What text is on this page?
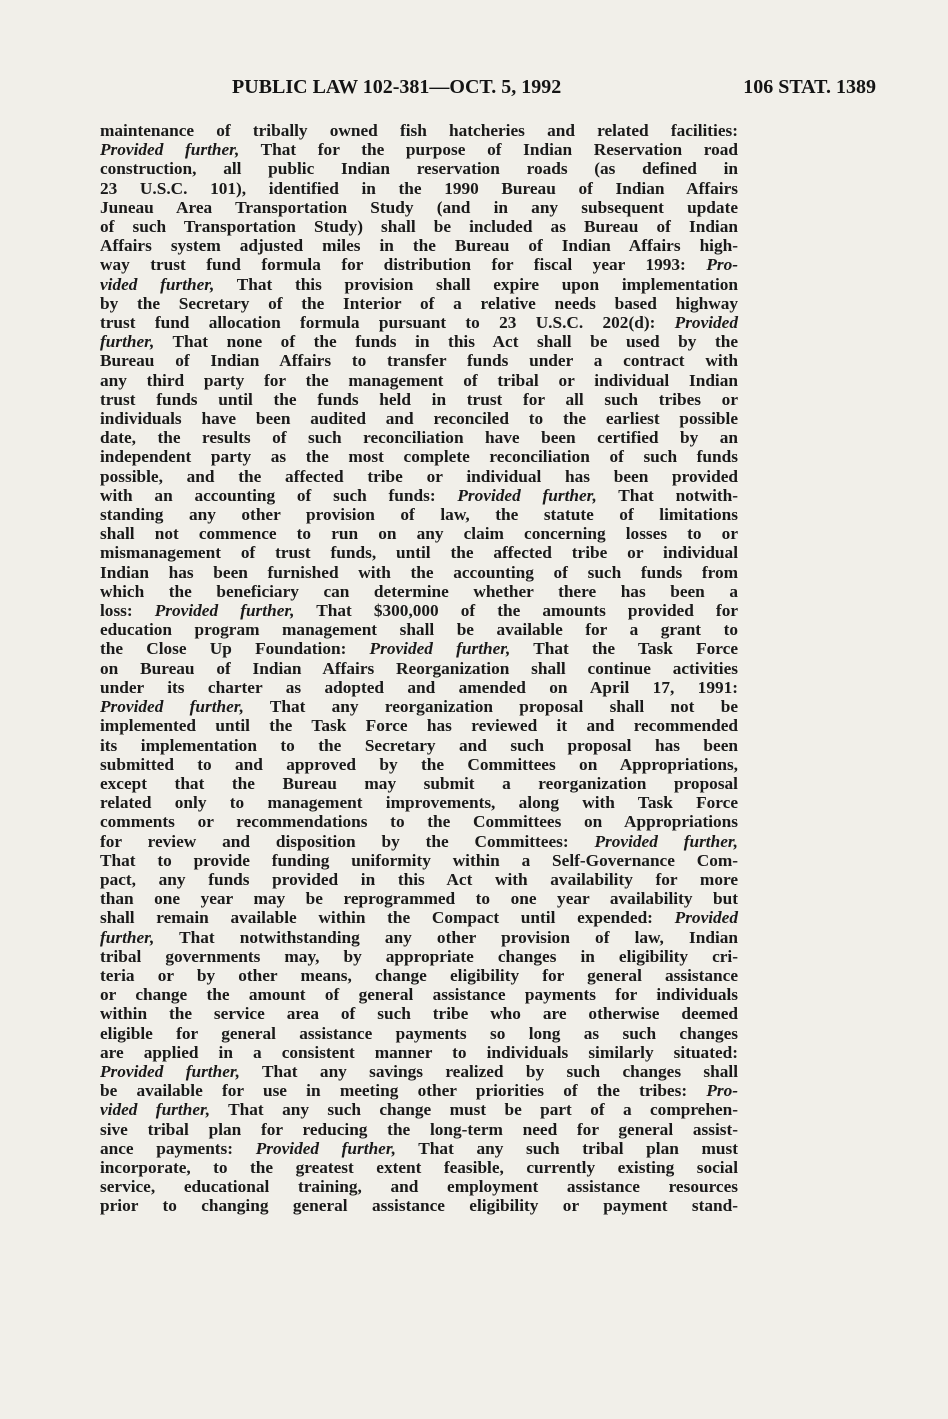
PUBLIC LAW 102-381—OCT. 5, 1992	106 STAT. 1389
maintenance of tribally owned fish hatcheries and related facilities:
Provided further, That for the purpose of Indian Reservation road
construction, all public Indian reservation roads (as defined in
23 U.S.C. 101), identified in the 1990 Bureau of Indian Affairs
Juneau Area Transportation Study (and in any subsequent update
of such Transportation Study) shall be included as Bureau of Indian
Affairs system adjusted miles in the Bureau of Indian Affairs high-
way trust fund formula for distribution for fiscal year 1993: Pro-
vided further, That this provision shall expire upon implementation
by the Secretary of the Interior of a relative needs based highway
trust fund allocation formula pursuant to 23 U.S.C. 202(d): Provided
further, That none of the funds in this Act shall be used by the
Bureau of Indian Affairs to transfer funds under a contract with
any third party for the management of tribal or individual Indian
trust funds until the funds held in trust for all such tribes or
individuals have been audited and reconciled to the earliest possible
date, the results of such reconciliation have been certified by an
independent party as the most complete reconciliation of such funds
possible, and the affected tribe or individual has been provided
with an accounting of such funds: Provided further, That notwith-
standing any other provision of law, the statute of limitations
shall not commence to run on any claim concerning losses to or
mismanagement of trust funds, until the affected tribe or individual
Indian has been furnished with the accounting of such funds from
which the beneficiary can determine whether there has been a
loss: Provided further, That $300,000 of the amounts provided for
education program management shall be available for a grant to
the Close Up Foundation: Provided further, That the Task Force
on Bureau of Indian Affairs Reorganization shall continue activities
under its charter as adopted and amended on April 17, 1991:
Provided further, That any reorganization proposal shall not be
implemented until the Task Force has reviewed it and recommended
its implementation to the Secretary and such proposal has been
submitted to and approved by the Committees on Appropriations,
except that the Bureau may submit a reorganization proposal
related only to management improvements, along with Task Force
comments or recommendations to the Committees on Appropriations
for review and disposition by the Committees: Provided further,
That to provide funding uniformity within a Self-Governance Com-
pact, any funds provided in this Act with availability for more
than one year may be reprogrammed to one year availability but
shall remain available within the Compact until expended: Provided
further, That notwithstanding any other provision of law, Indian
tribal governments may, by appropriate changes in eligibility cri-
teria or by other means, change eligibility for general assistance
or change the amount of general assistance payments for individuals
within the service area of such tribe who are otherwise deemed
eligible for general assistance payments so long as such changes
are applied in a consistent manner to individuals similarly situated:
Provided further, That any savings realized by such changes shall
be available for use in meeting other priorities of the tribes: Pro-
vided further, That any such change must be part of a comprehen-
sive tribal plan for reducing the long-term need for general assist-
ance payments: Provided further, That any such tribal plan must
incorporate, to the greatest extent feasible, currently existing social
service, educational training, and employment assistance resources
prior to changing general assistance eligibility or payment stand-
